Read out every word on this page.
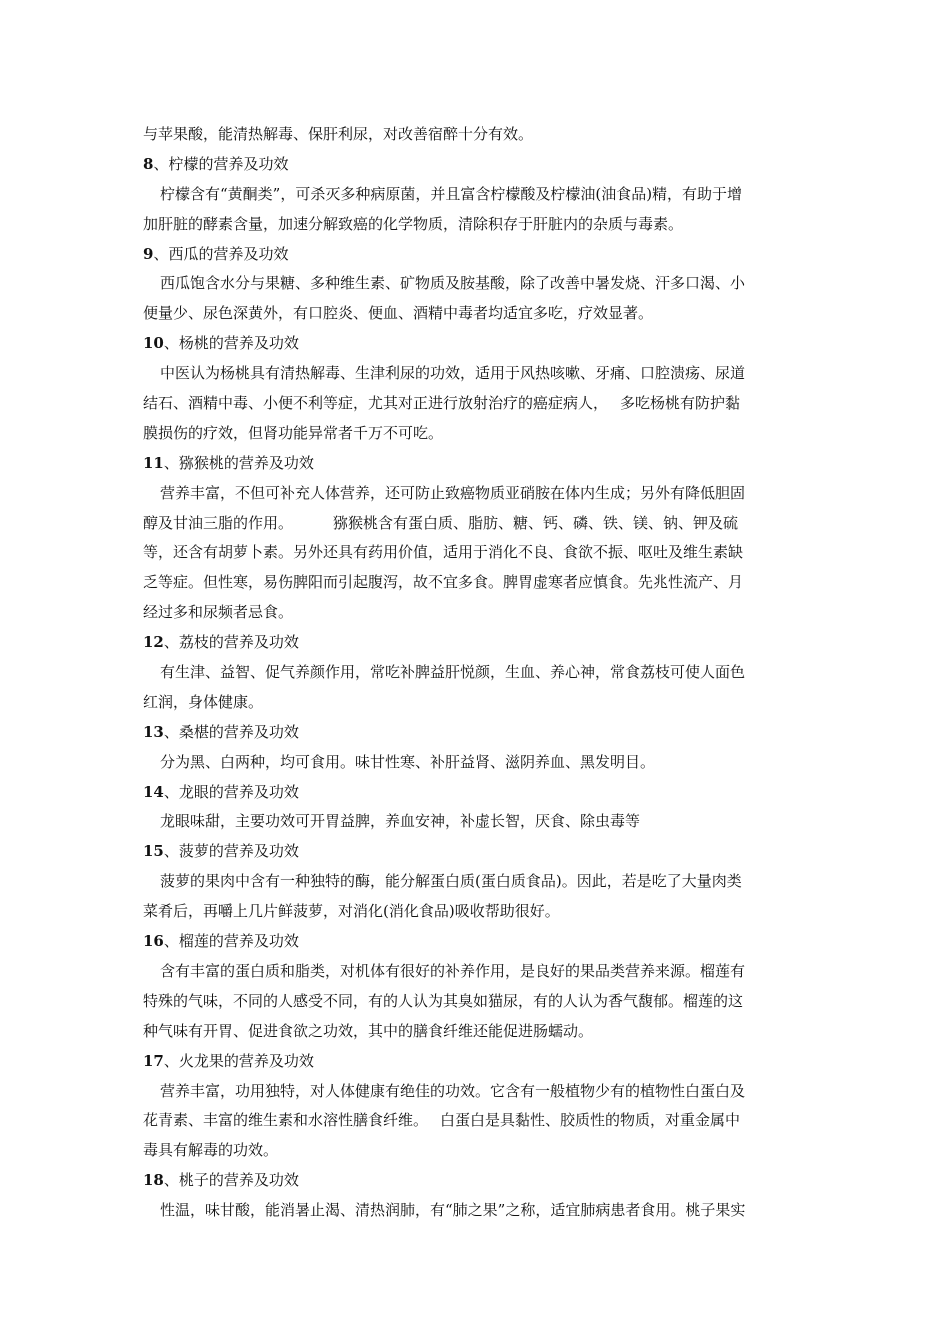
与苹果酸，能清热解毒、保肝利尿，对改善宿醉十分有效。
8、柠檬的营养及功效
柠檬含有“黄酮类”，可杀灭多种病原菌，并且富含柠檬酸及柠檬油(油食品)精，有助于增
加肝脏的酵素含量，加速分解致癌的化学物质，清除积存于肝脏内的杂质与毒素。
9、西瓜的营养及功效
西瓜饱含水分与果糖、多种维生素、矿物质及胺基酸，除了改善中暑发烧、汗多口渴、小
便量少、尿色深黄外，有口腔炎、便血、酒精中毒者均适宜多吃，疗效显著。
10、杨桃的营养及功效
中医认为杨桃具有清热解毒、生津利尿的功效，适用于风热咳嗽、牙痛、口腔溃疡、尿道
结石、酒精中毒、小便不利等症，尤其对正进行放射治疗的癌症病人， 多吃杨桃有防护黏
膜损伤的疗效，但肾功能异常者千万不可吃。
11、猕猴桃的营养及功效
营养丰富，不但可补充人体营养，还可防止致癌物质亚硝胺在体内生成；另外有降低胆固
醇及甘油三脂的作用。	猕猴桃含有蛋白质、脂肪、糖、钙、磷、铁、镁、钠、钾及硫
等，还含有胡萝卜素。另外还具有药用价值，适用于消化不良、食欲不振、呕吐及维生素缺
乏等症。但性寒，易伤脾阳而引起腹泻，故不宜多食。脾胃虚寒者应慎食。先兆性流产、月
经过多和尿频者忌食。
12、荔枝的营养及功效
有生津、益智、促气养颜作用，常吃补脾益肝悦颜，生血、养心神，常食荔枝可使人面色
红润，身体健康。
13、桑椹的营养及功效
分为黑、白两种，均可食用。味甘性寒、补肝益肾、滋阴养血、黑发明目。
14、龙眼的营养及功效
龙眼味甜，主要功效可开胃益脾，养血安神，补虚长智，厌食、除虫毒等
15、菠萝的营养及功效
菠萝的果肉中含有一种独特的酶，能分解蛋白质(蛋白质食品)。因此，若是吃了大量肉类
菜肴后，再嚼上几片鲜菠萝，对消化(消化食品)吸收帮助很好。
16、榴莲的营养及功效
含有丰富的蛋白质和脂类，对机体有很好的补养作用，是良好的果品类营养来源。榴莲有
特殊的气味，不同的人感受不同，有的人认为其臭如猫尿，有的人认为香气馥郁。榴莲的这
种气味有开胃、促进食欲之功效，其中的膳食纤维还能促进肠蠕动。
17、火龙果的营养及功效
营养丰富，功用独特，对人体健康有绝佳的功效。它含有一般植物少有的植物性白蛋白及
花青素、丰富的维生素和水溶性膳食纤维。 白蛋白是具黏性、胶质性的物质，对重金属中
毒具有解毒的功效。
18、桃子的营养及功效
性温，味甘酸，能消暑止渴、清热润肺，有“肺之果”之称，适宜肺病患者食用。桃子果实
